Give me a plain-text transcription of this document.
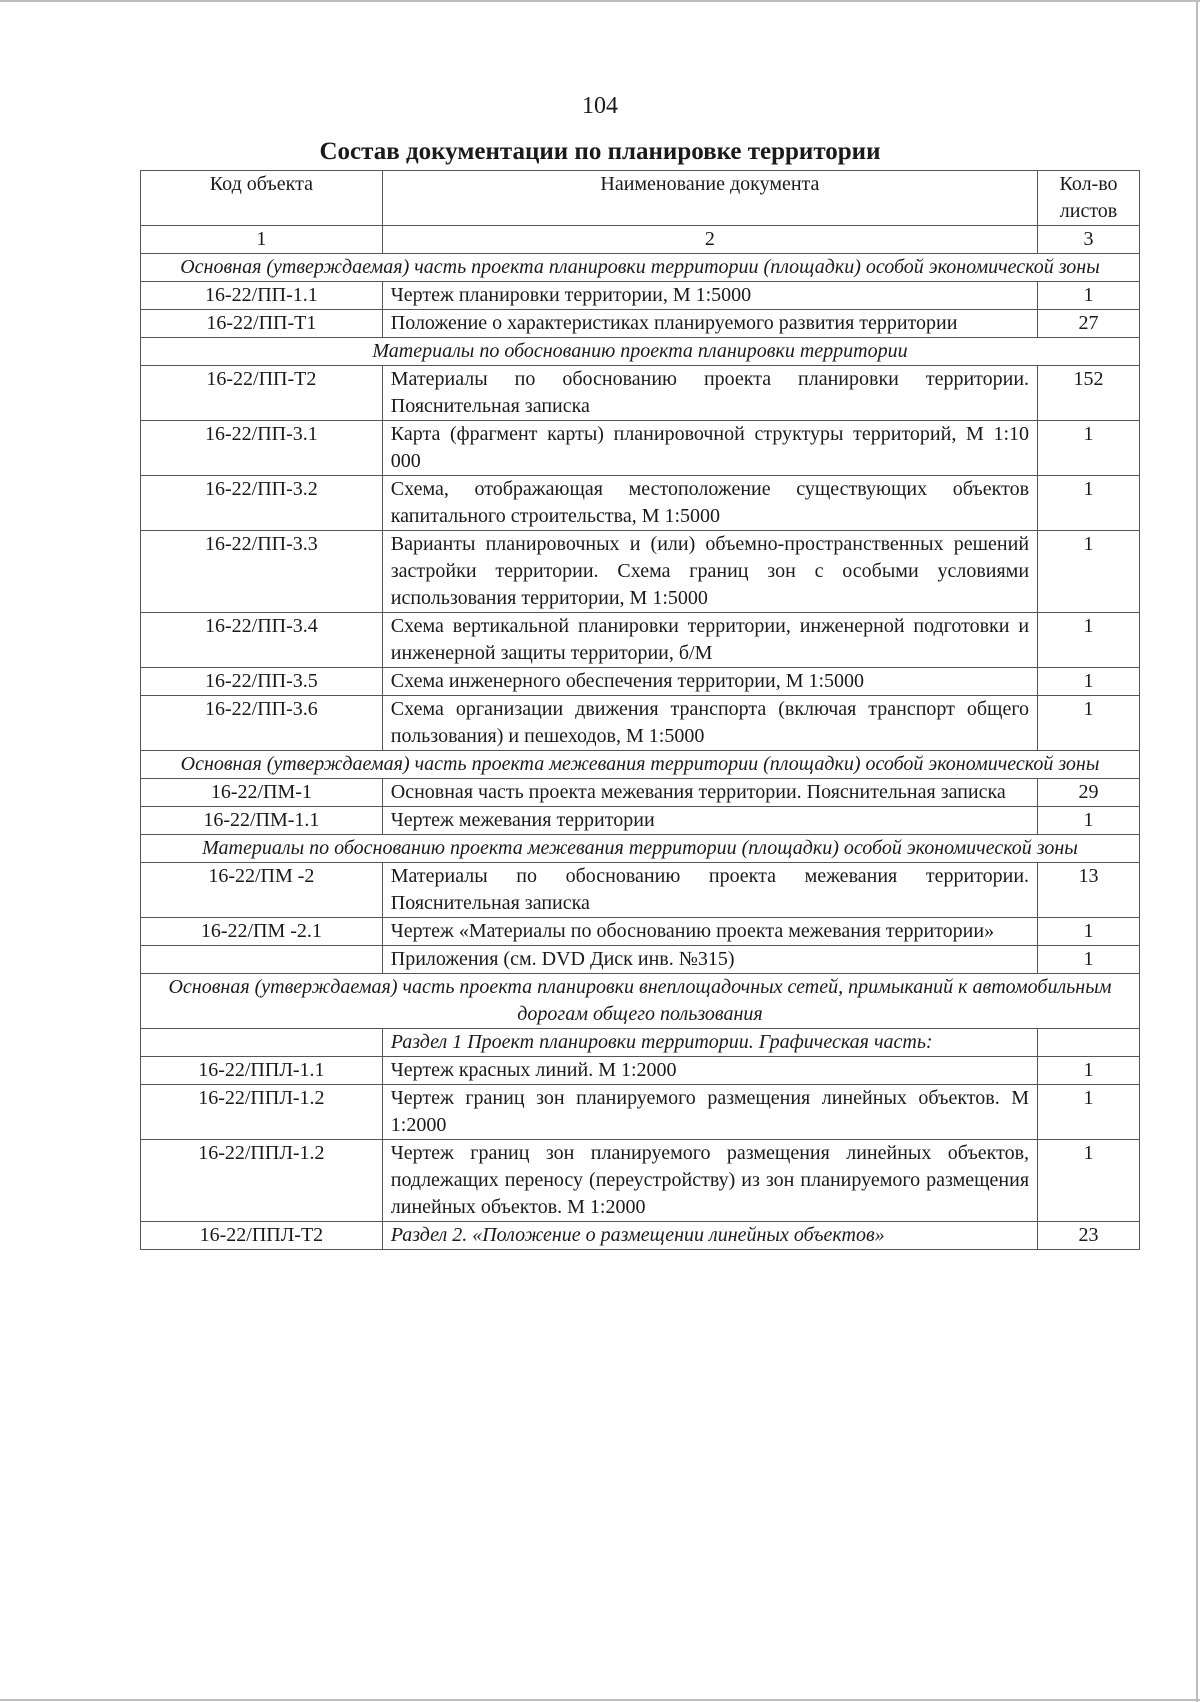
104
Состав документации по планировке территории
Код объекта	Наименование документа	Кол-во листов
1	2	3
Основная (утверждаемая) часть проекта планировки территории (площадки) особой экономической зоны		
16-22/ПП-1.1	Чертеж планировки территории, М 1:5000	1
16-22/ПП-Т1	Положение о характеристиках планируемого развития территории	27
Материалы по обоснованию проекта планировки территории		
16-22/ПП-Т2	Материалы по обоснованию проекта планировки территории. Пояснительная записка	152
16-22/ПП-3.1	Карта (фрагмент карты) планировочной структуры территорий, М 1:10 000	1
16-22/ПП-3.2	Схема, отображающая местоположение существующих объектов капитального строительства, М 1:5000	1
16-22/ПП-3.3	Варианты планировочных и (или) объемно-пространственных решений застройки территории. Схема границ зон с особыми условиями использования территории, М 1:5000	1
16-22/ПП-3.4	Схема вертикальной планировки территории, инженерной подготовки и инженерной защиты территории, б/М	1
16-22/ПП-3.5	Схема инженерного обеспечения территории, М 1:5000	1
16-22/ПП-3.6	Схема организации движения транспорта (включая транспорт общего пользования) и пешеходов, М 1:5000	1
Основная (утверждаемая) часть проекта межевания территории (площадки) особой экономической зоны		
16-22/ПМ-1	Основная часть проекта межевания территории. Пояснительная записка	29
16-22/ПМ-1.1	Чертеж межевания территории	1
Материалы по обоснованию проекта межевания территории (площадки) особой экономической зоны		
16-22/ПМ -2	Материалы по обоснованию проекта межевания территории. Пояснительная записка	13
16-22/ПМ -2.1	Чертеж «Материалы по обоснованию проекта межевания территории»	1
	Приложения (см. DVD Диск инв. №315)	1
Основная (утверждаемая) часть проекта планировки внеплощадочных сетей, примыканий к автомобильным дорогам общего пользования		
	Раздел 1 Проект планировки территории. Графическая часть:	
16-22/ППЛ-1.1	Чертеж красных линий. М 1:2000	1
16-22/ППЛ-1.2	Чертеж границ зон планируемого размещения линейных объектов. М 1:2000	1
16-22/ППЛ-1.2	Чертеж границ зон планируемого размещения линейных объектов, подлежащих переносу (переустройству) из зон планируемого размещения линейных объектов. М 1:2000	1
16-22/ППЛ-Т2	Раздел 2. «Положение о размещении линейных объектов»	23
